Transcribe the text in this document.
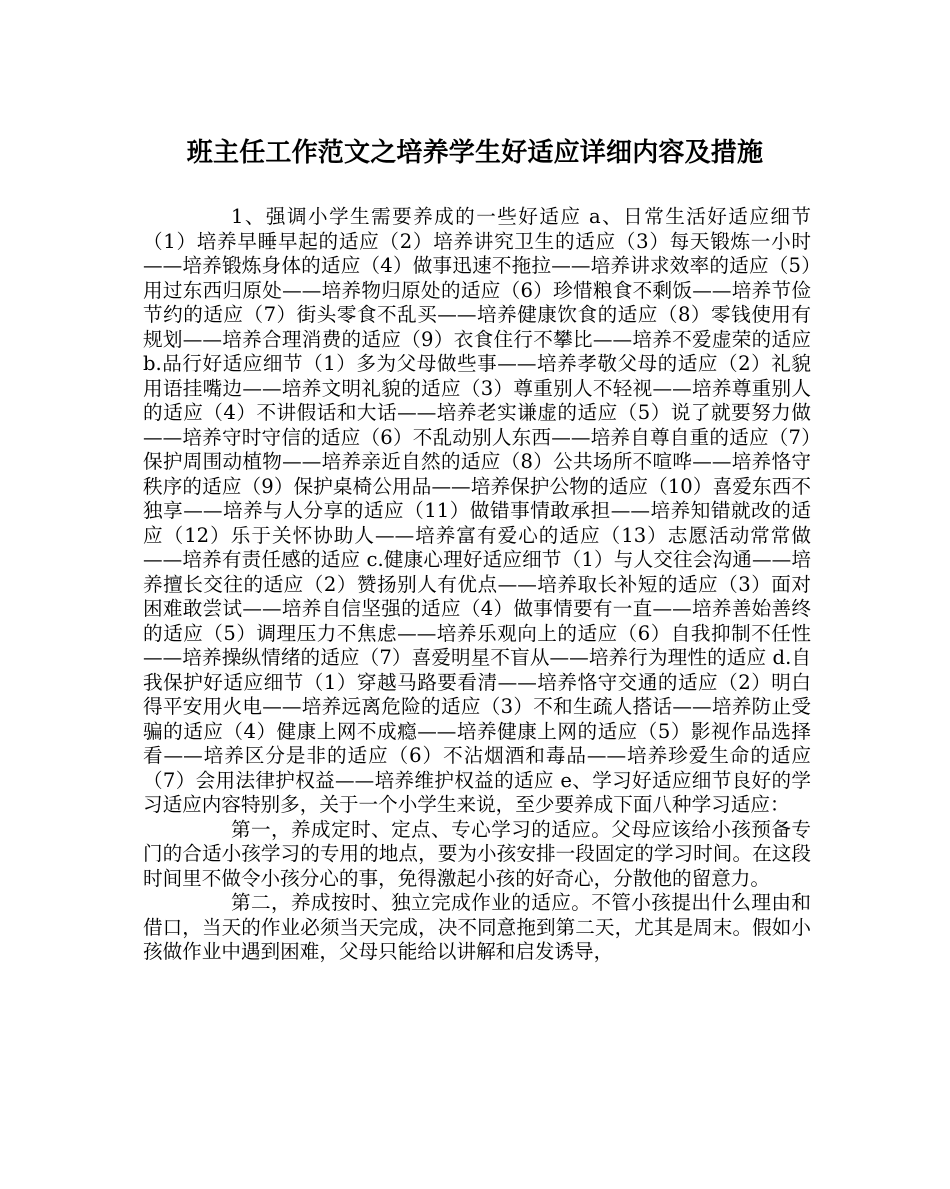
班主任工作范文之培养学生好适应详细内容及措施

1、强调小学生需要养成的一些好适应 a、日常生活好适应细节（1）培养早睡早起的适应（2）培养讲究卫生的适应（3）每天锻炼一小时——培养锻炼身体的适应（4）做事迅速不拖拉——培养讲求效率的适应（5）用过东西归原处——培养物归原处的适应（6）珍惜粮食不剩饭——培养节俭节约的适应（7）街头零食不乱买——培养健康饮食的适应（8）零钱使用有规划——培养合理消费的适应（9）衣食住行不攀比——培养不爱虚荣的适应 b.品行好适应细节（1）多为父母做些事——培养孝敬父母的适应（2）礼貌用语挂嘴边——培养文明礼貌的适应（3）尊重别人不轻视——培养尊重别人的适应（4）不讲假话和大话——培养老实谦虚的适应（5）说了就要努力做——培养守时守信的适应（6）不乱动别人东西——培养自尊自重的适应（7）保护周围动植物——培养亲近自然的适应（8）公共场所不喧哗——培养恪守秩序的适应（9）保护桌椅公用品——培养保护公物的适应（10）喜爱东西不独享——培养与人分享的适应（11）做错事情敢承担——培养知错就改的适应（12）乐于关怀协助人——培养富有爱心的适应（13）志愿活动常常做——培养有责任感的适应 c.健康心理好适应细节（1）与人交往会沟通——培养擅长交往的适应（2）赞扬别人有优点——培养取长补短的适应（3）面对困难敢尝试——培养自信坚强的适应（4）做事情要有一直——培养善始善终的适应（5）调理压力不焦虑——培养乐观向上的适应（6）自我抑制不任性——培养操纵情绪的适应（7）喜爱明星不盲从——培养行为理性的适应 d.自我保护好适应细节（1）穿越马路要看清——培养恪守交通的适应（2）明白得平安用火电——培养远离危险的适应（3）不和生疏人搭话——培养防止受骗的适应（4）健康上网不成瘾——培养健康上网的适应（5）影视作品选择看——培养区分是非的适应（6）不沾烟酒和毒品——培养珍爱生命的适应（7）会用法律护权益——培养维护权益的适应 e、学习好适应细节良好的学习适应内容特别多，关于一个小学生来说，至少要养成下面八种学习适应：

第一，养成定时、定点、专心学习的适应。父母应该给小孩预备专门的合适小孩学习的专用的地点，要为小孩安排一段固定的学习时间。在这段时间里不做令小孩分心的事，免得激起小孩的好奇心，分散他的留意力。

第二，养成按时、独立完成作业的适应。不管小孩提出什么理由和借口，当天的作业必须当天完成，决不同意拖到第二天，尤其是周末。假如小孩做作业中遇到困难，父母只能给以讲解和启发诱导，
